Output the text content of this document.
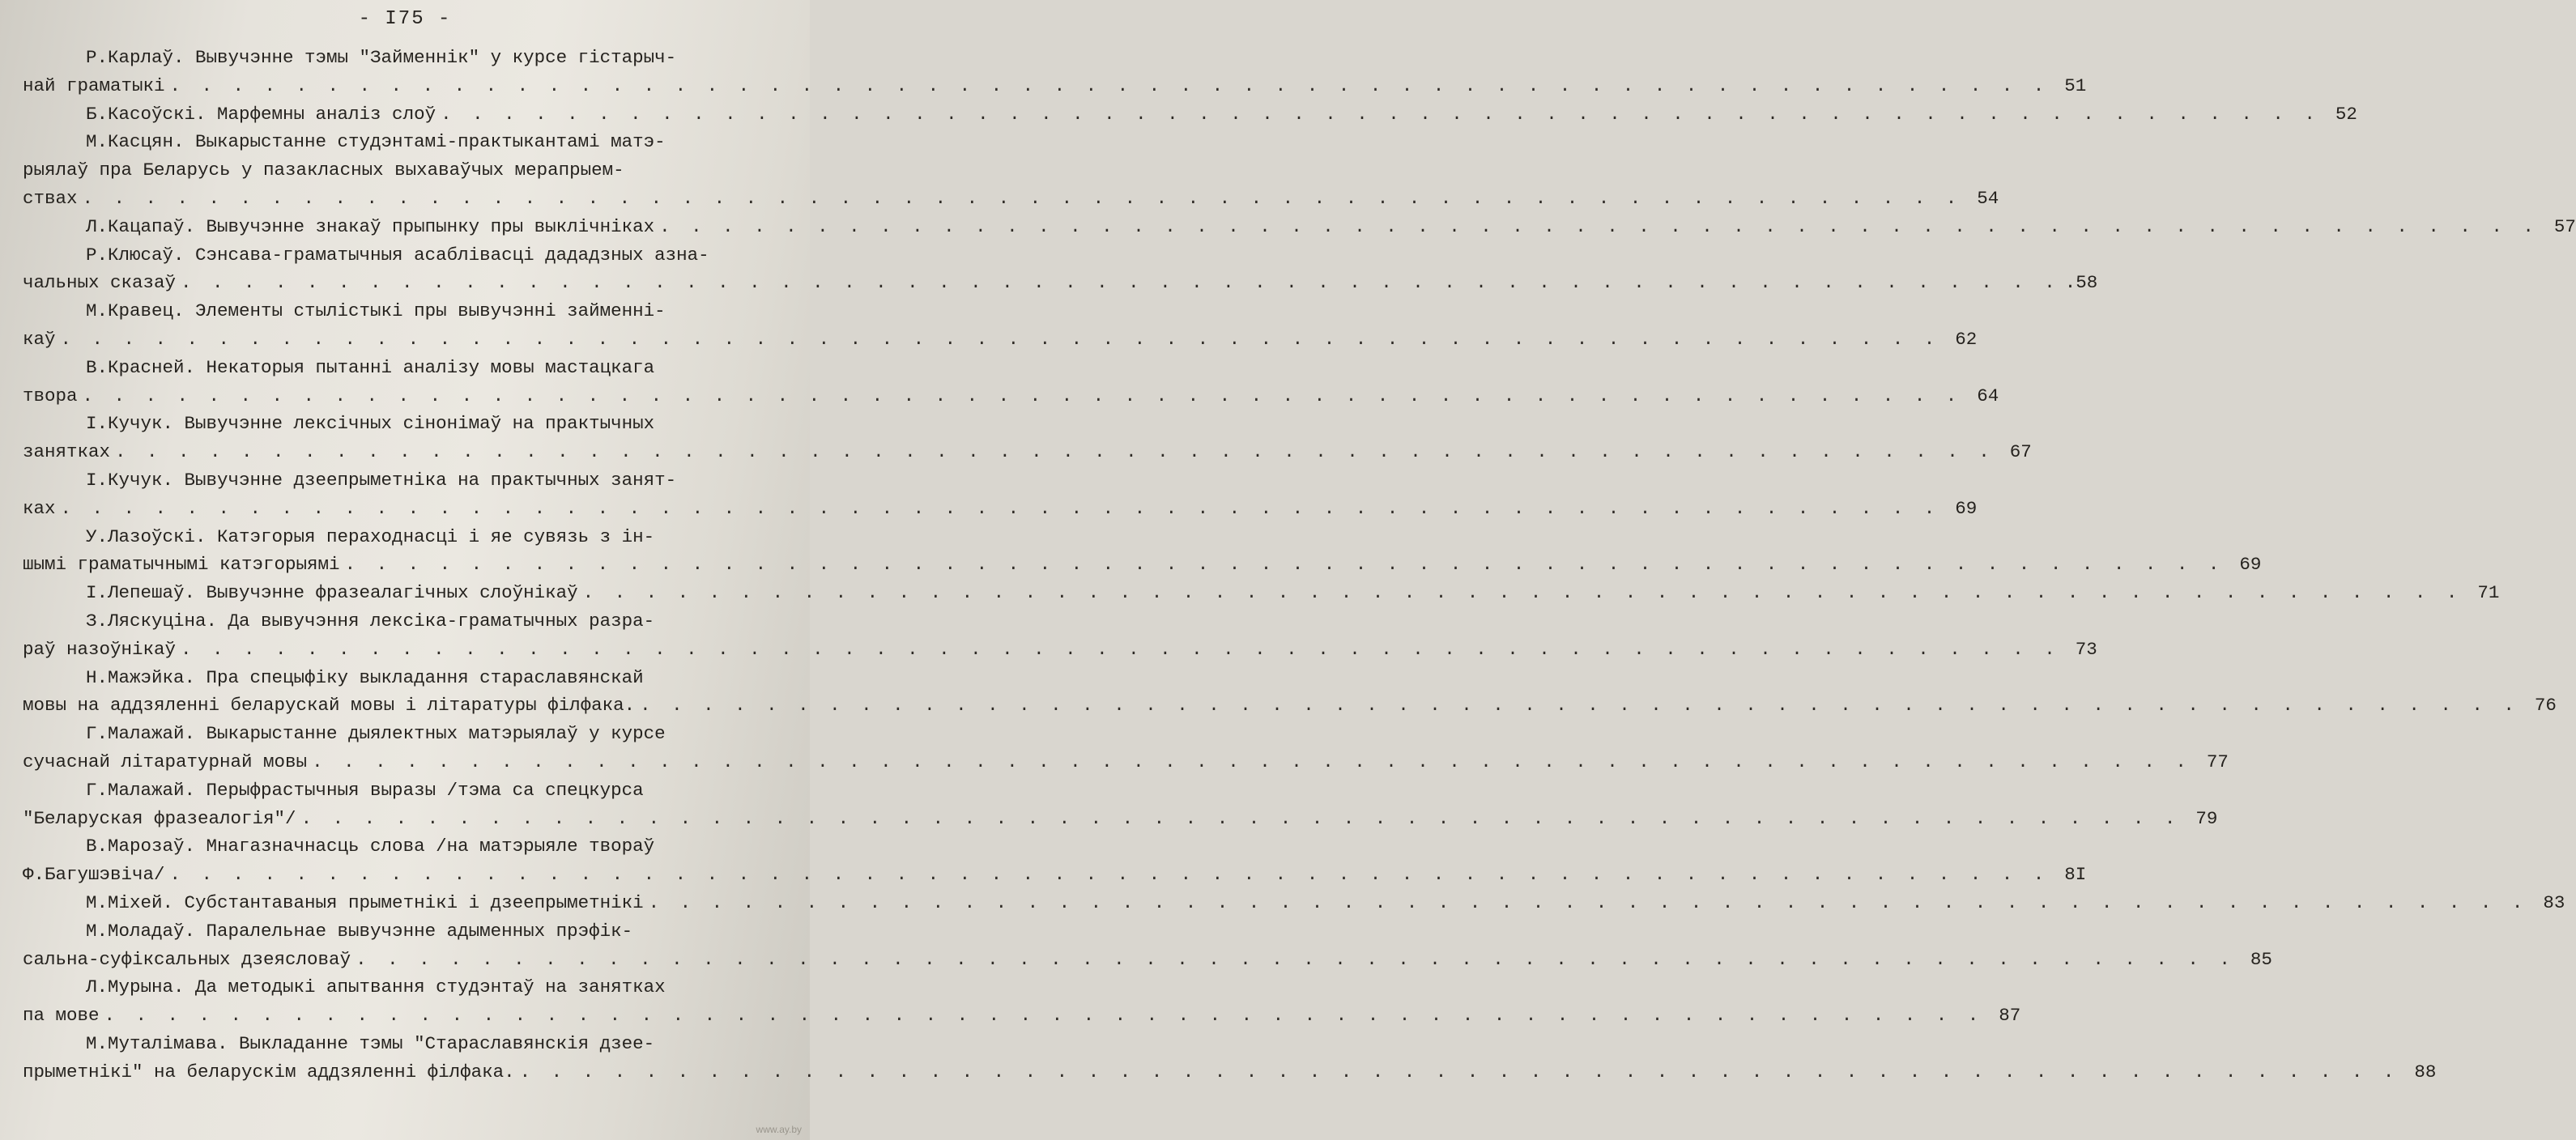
- I75 -
Р.Карлаў. Вывучэнне тэмы "Займеннік" у курсе гістарыч-
най граматыкі . . . . . . . . . . . . . . . . . . . . . . . . . . . . . . . . . . . . . . . . . . . . . . . . . . . . . . . . . . . . 51
Б.Касоўскі. Марфемны аналіз слоў . . . . . . . . . . . . . . . . . . . . . . . . . . . . . . . . . . . . . . . . . . . . . . . . . . . . . . . . . . . . 52
М.Касцян. Выкарыстанне студэнтамі-практыкантамі матэ-
рыялаў пра Беларусь у пазакласных выхаваўчых мерапрыем-
ствах . . . . . . . . . . . . . . . . . . . . . . . . . . . . . . . . . . . . . . . . . . . . . . . . . . . . . . . . . . . . 54
Л.Кацапаў. Вывучэнне знакаў прыпынку пры выклічніках . . . . . . . . . . . . . . . . . . . . . . . . . . . . . . . . . . . . . . . . . . . . . . . . . . . . . . . . . . . . 57
Р.Клюсаў. Сэнсава-граматычныя асаблівасці дададзных азна-
чальных сказаў . . . . . . . . . . . . . . . . . . . . . . . . . . . . . . . . . . . . . . . . . . . . . . . . . . . . . . . . . . . . .58
М.Кравец. Элементы стылістыкі пры вывучэнні займенні-
каў . . . . . . . . . . . . . . . . . . . . . . . . . . . . . . . . . . . . . . . . . . . . . . . . . . . . . . . . . . . . 62
В.Красней. Некаторыя пытанні аналізу мовы мастацкага
твора . . . . . . . . . . . . . . . . . . . . . . . . . . . . . . . . . . . . . . . . . . . . . . . . . . . . . . . . . . . . 64
І.Кучук. Вывучэнне лексічных сінонімаў на практычных
занятках . . . . . . . . . . . . . . . . . . . . . . . . . . . . . . . . . . . . . . . . . . . . . . . . . . . . . . . . . . . . 67
І.Кучук. Вывучэнне дзеепрыметніка на практычных занят-
ках . . . . . . . . . . . . . . . . . . . . . . . . . . . . . . . . . . . . . . . . . . . . . . . . . . . . . . . . . . . . 69
У.Лазоўскі. Катэгорыя пераходнасці і яе сувязь з ін-
шымі граматычнымі катэгорыямі . . . . . . . . . . . . . . . . . . . . . . . . . . . . . . . . . . . . . . . . . . . . . . . . . . . . . . . . . . . . 69
І.Лепешаў. Вывучэнне фразеалагічных слоўнікаў . . . . . . . . . . . . . . . . . . . . . . . . . . . . . . . . . . . . . . . . . . . . . . . . . . . . . . . . . . . . 71
З.Ляскуціна. Да вывучэння лексіка-граматычных разра-
раў назоўнікаў . . . . . . . . . . . . . . . . . . . . . . . . . . . . . . . . . . . . . . . . . . . . . . . . . . . . . . . . . . . . 73
Н.Мажэйка. Пра спецыфіку выкладання старaславянскай
мовы на аддзяленні беларускай мовы і літаратуры філфака. . . . . . . . . . . . . . . . . . . . . . . . . . . . . . . . . . . . . . . . . . . . . . . . . . . . . . . . . . . . . 76
Г.Малажай. Выкарыстанне дыялектных матэрыялаў у курсе
сучаснай літаратурнай мовы . . . . . . . . . . . . . . . . . . . . . . . . . . . . . . . . . . . . . . . . . . . . . . . . . . . . . . . . . . . . 77
Г.Малажай. Перыфрастычныя выразы /тэма са спецкурса
"Беларуская фразеалогія"/ . . . . . . . . . . . . . . . . . . . . . . . . . . . . . . . . . . . . . . . . . . . . . . . . . . . . . . . . . . . . 79
В.Марозаў. Мнагазначнасць слова /на матэрыяле твораў
Ф.Багушэвіча/ . . . . . . . . . . . . . . . . . . . . . . . . . . . . . . . . . . . . . . . . . . . . . . . . . . . . . . . . . . . . 8I
М.Міхей. Субстантаваныя прыметнікі і дзеепрыметнікі . . . . . . . . . . . . . . . . . . . . . . . . . . . . . . . . . . . . . . . . . . . . . . . . . . . . . . . . . . . . 83
М.Моладаў. Паралельнае вывучэнне адыменных прэфік-
сальна-суфіксальных дзеясловаў . . . . . . . . . . . . . . . . . . . . . . . . . . . . . . . . . . . . . . . . . . . . . . . . . . . . . . . . . . . . 85
Л.Мурына. Да методыкі апытвання студэнтаў на занятках
па мове . . . . . . . . . . . . . . . . . . . . . . . . . . . . . . . . . . . . . . . . . . . . . . . . . . . . . . . . . . . . 87
М.Муталімава. Выкладанне тэмы "Старaславянскія дзее-
прыметнікі" на беларускім аддзяленні філфака. . . . . . . . . . . . . . . . . . . . . . . . . . . . . . . . . . . . . . . . . . . . . . . . . . . . . . . . . . . . . 88
www.ay.by
